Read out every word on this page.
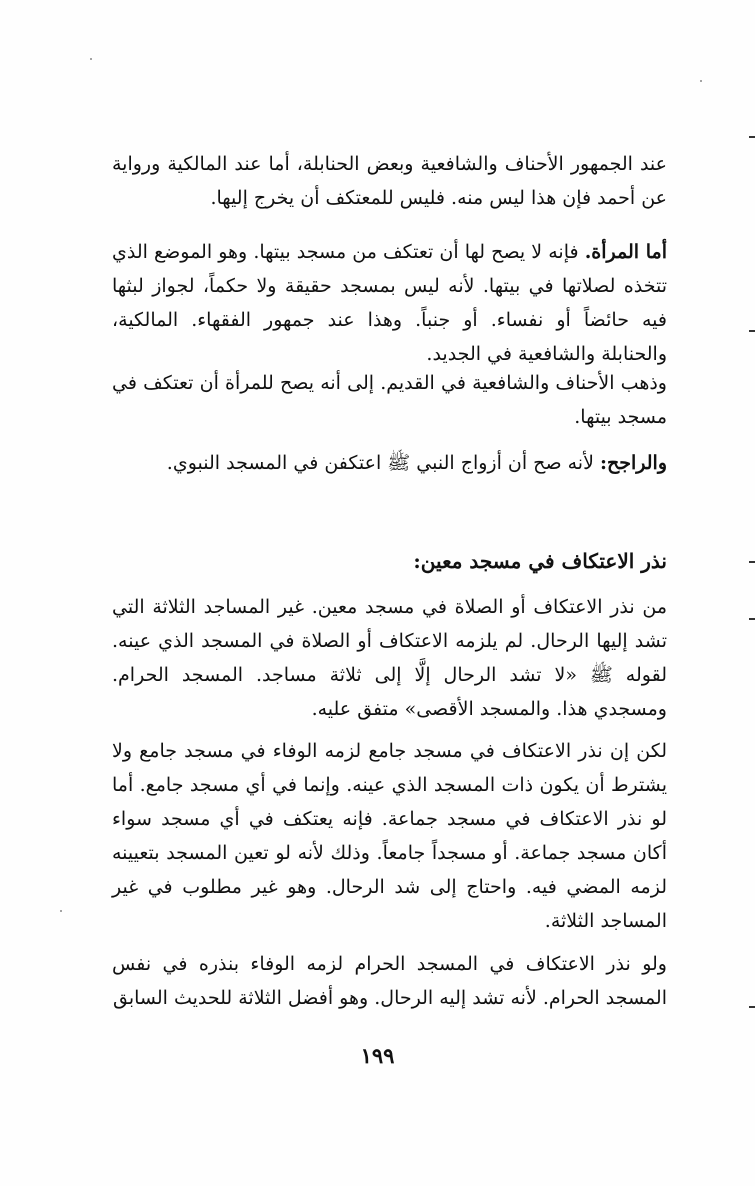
عند الجمهور الأحناف والشافعية وبعض الحنابلة، أما عند المالكية ورواية عن أحمد فإن هذا ليس منه. فليس للمعتكف أن يخرج إليها.

أما المرأة. فإنه لا يصح لها أن تعتكف من مسجد بيتها. وهو الموضع الذي تتخذه لصلاتها في بيتها. لأنه ليس بمسجد حقيقة ولا حكماً، لجواز لبثها فيه حائضاً أو نفساء. أو جنباً. وهذا عند جمهور الفقهاء. المالكية، والحنابلة والشافعية في الجديد.

وذهب الأحناف والشافعية في القديم. إلى أنه يصح للمرأة أن تعتكف في مسجد بيتها.

والراجح: لأنه صح أن أزواج النبي ﷺ اعتكفن في المسجد النبوي.

نذر الاعتكاف في مسجد معين:

من نذر الاعتكاف أو الصلاة في مسجد معين. غير المساجد الثلاثة التي تشد إليها الرحال. لم يلزمه الاعتكاف أو الصلاة في المسجد الذي عينه. لقوله ﷺ «لا تشد الرحال إلَّا إلى ثلاثة مساجد. المسجد الحرام. ومسجدي هذا. والمسجد الأقصى» متفق عليه.

لكن إن نذر الاعتكاف في مسجد جامع لزمه الوفاء في مسجد جامع ولا يشترط أن يكون ذات المسجد الذي عينه. وإنما في أي مسجد جامع. أما لو نذر الاعتكاف في مسجد جماعة. فإنه يعتكف في أي مسجد سواء أكان مسجد جماعة. أو مسجداً جامعاً. وذلك لأنه لو تعين المسجد بتعيينه لزمه المضي فيه. واحتاج إلى شد الرحال. وهو غير مطلوب في غير المساجد الثلاثة.

ولو نذر الاعتكاف في المسجد الحرام لزمه الوفاء بنذره في نفس المسجد الحرام. لأنه تشد إليه الرحال. وهو أفضل الثلاثة للحديث السابق

١٩٩
